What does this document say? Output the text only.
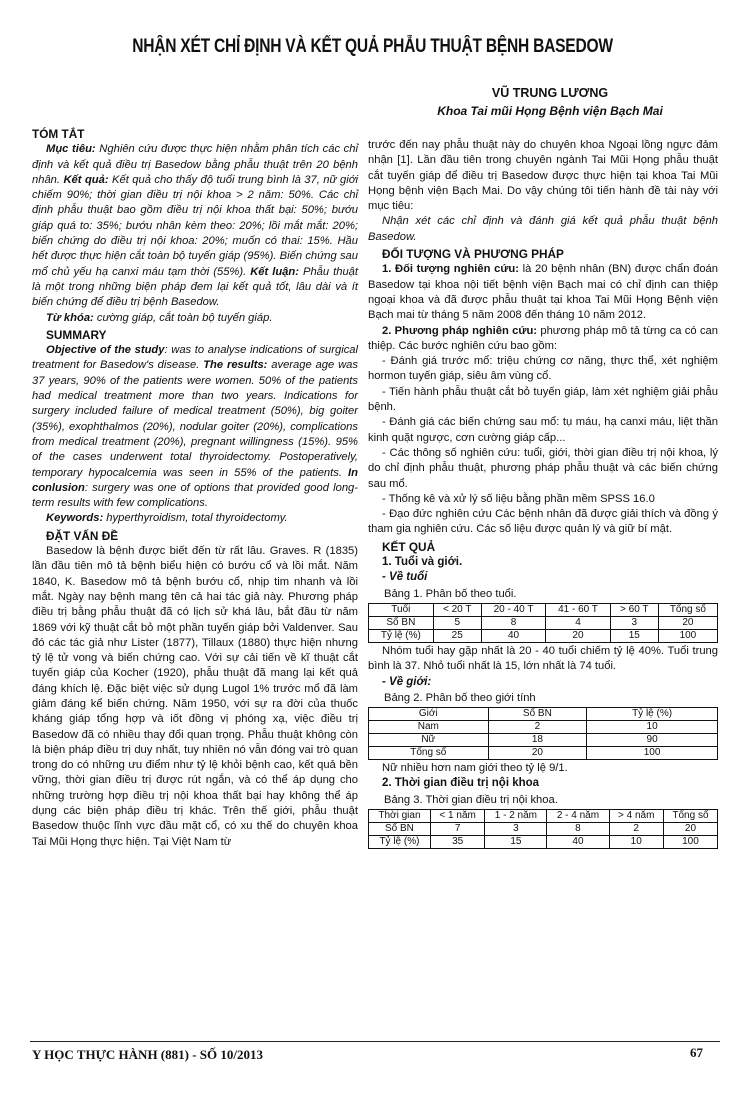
NHẬN XÉT CHỈ ĐỊNH VÀ KẾT QUẢ PHẪU THUẬT BỆNH BASEDOW
VŨ TRUNG LƯƠNG
Khoa Tai mũi Họng Bệnh viện Bạch Mai
TÓM TẮT

Mục tiêu: Nghiên cứu được thực hiện nhằm phân tích các chỉ định và kết quả điều trị Basedow bằng phẫu thuật trên 20 bệnh nhân. Kết quả: Kết quả cho thấy độ tuổi trung bình là 37, nữ giới chiếm 90%; thời gian điều trị nội khoa > 2 năm: 50%. Các chỉ định phẫu thuật bao gồm điều trị nội khoa thất bại: 50%; bướu giáp quá to: 35%; bướu nhân kèm theo: 20%; lồi mắt mắt: 20%; biến chứng do điều trị nội khoa: 20%; muốn có thai: 15%. Hầu hết được thực hiện cắt toàn bộ tuyến giáp (95%). Biến chứng sau mổ chủ yếu hạ canxi máu tạm thời (55%). Kết luận: Phẫu thuật là một trong những biện pháp đem lại kết quả tốt, lâu dài và ít biến chứng để điều trị bệnh Basedow.

Từ khóa: cường giáp, cắt toàn bộ tuyến giáp.

SUMMARY

Objective of the study: was to analyse indications of surgical treatment for Basedow's disease. The results: average age was 37 years, 90% of the patients were women. 50% of the patients had medical treatment more than two years. Indications for surgery included failure of medical treatment (50%), big goiter (35%), exophthalmos (20%), nodular goiter (20%), complications from medical treatment (20%), pregnant willingness (15%). 95% of the cases underwent total thyroidectomy. Postoperatively, temporary hypocalcemia was seen in 55% of the patients. In conlusion: surgery was one of options that provided good long-term results with few complications.

Keywords: hyperthyroidism, total thyroidectomy.

ĐẶT VẤN ĐỀ

Basedow là bệnh được biết đến từ rất lâu. Graves. R (1835) lần đầu tiên mô tả bệnh biểu hiện có bướu cổ và lồi mắt. Năm 1840, K. Basedow mô tả bệnh bướu cổ, nhịp tim nhanh và lồi mắt. Ngày nay bệnh mang tên cả hai tác giả này. Phương pháp điều trị bằng phẫu thuật đã có lịch sử khá lâu, bắt đầu từ năm 1869 với kỹ thuật cắt bỏ một phần tuyến giáp bởi Valdenver. Sau đó các tác giả như Lister (1877), Tillaux (1880) thực hiện nhưng tỷ lệ tử vong và biến chứng cao. Với sự cải tiến về kĩ thuật cắt tuyến giáp của Kocher (1920), phẫu thuật đã mang lại kết quả đáng khích lệ. Đặc biệt việc sử dụng Lugol 1% trước mổ đã làm giảm đáng kể biến chứng. Năm 1950, với sự ra đời của thuốc kháng giáp tổng hợp và iốt đồng vị phóng xạ, việc điều trị Basedow đã có nhiều thay đổi quan trọng. Phẫu thuật không còn là biện pháp điều trị duy nhất, tuy nhiên nó vẫn đóng vai trò quan trong do có những ưu điểm như tỷ lệ khỏi bệnh cao, kết quả bền vững, thời gian điều trị được rút ngắn, và có thể áp dụng cho những trường hợp điều trị nội khoa thất bại hay không thể áp dụng các biện pháp điều trị khác. Trên thế giới, phẫu thuật Basedow thuộc lĩnh vực đầu mặt cổ, có xu thế do chuyên khoa Tai Mũi Họng thực hiện. Tại Việt Nam từ

trước đến nay phẫu thuật này do chuyên khoa Ngoại lồng ngực đảm nhận [1]. Lần đầu tiên trong chuyên ngành Tai Mũi Họng phẫu thuật cắt tuyến giáp để điều trị Basedow được thực hiện tại khoa Tai Mũi Họng bệnh viện Bạch Mai. Do vậy chúng tôi tiến hành đề tài này với mục tiêu:

Nhận xét các chỉ định và đánh giá kết quả phẫu thuật bệnh Basedow.

ĐỐI TƯỢNG VÀ PHƯƠNG PHÁP

1. Đối tượng nghiên cứu: là 20 bệnh nhân (BN) được chẩn đoán Basedow tại khoa nội tiết bệnh viện Bạch mai có chỉ định can thiệp ngoại khoa và đã được phẫu thuật tại khoa Tai Mũi Họng Bệnh viện Bạch mai từ tháng 5 năm 2008 đến tháng 10 năm 2012.

2. Phương pháp nghiên cứu: phương pháp mô tả từng ca có can thiệp. Các bước nghiên cứu bao gồm:

- Đánh giá trước mổ: triệu chứng cơ năng, thực thể, xét nghiệm hormon tuyến giáp, siêu âm vùng cổ.

- Tiến hành phẫu thuật cắt bỏ tuyến giáp, làm xét nghiệm giải phẫu bệnh.

- Đánh giá các biến chứng sau mổ: tụ máu, hạ canxi máu, liệt thần kinh quặt ngược, cơn cường giáp cấp...

- Các thông số nghiên cứu: tuổi, giới, thời gian điều trị nội khoa, lý do chỉ định phẫu thuật, phương pháp phẫu thuật và các biến chứng sau mổ.

- Thống kê và xử lý số liệu bằng phần mềm SPSS 16.0

- Đạo đức nghiên cứu Các bệnh nhân đã được giải thích và đồng ý tham gia nghiên cứu. Các số liệu được quản lý và giữ bí mật.

KẾT QUẢ
1. Tuổi và giới.
- Về tuổi
Bảng 1. Phân bố theo tuổi.
Tuổi	< 20 T	20 - 40 T	41 - 60 T	> 60 T	Tổng số
Số BN	5	8	4	3	20
Tỷ lệ (%)	25	40	20	15	100

Nhóm tuổi hay gặp nhất là 20 - 40 tuổi chiếm tỷ lệ 40%. Tuổi trung bình là 37. Nhỏ tuổi nhất là 15, lớn nhất là 74 tuổi.

- Về giới:
Bảng 2. Phân bố theo giới tính
Giới	Số BN	Tỷ lệ (%)
Nam	2	10
Nữ	18	90
Tổng số	20	100

Nữ nhiều hơn nam giới theo tỷ lệ 9/1.

2. Thời gian điều trị nội khoa
Bảng 3. Thời gian điều trị nội khoa.
Thời gian	< 1 năm	1 - 2 năm	2 - 4 năm	> 4 năm	Tổng số
Số BN	7	3	8	2	20
Tỷ lệ (%)	35	15	40	10	100
Y HỌC THỰC HÀNH (881) - SỐ 10/2013	67
